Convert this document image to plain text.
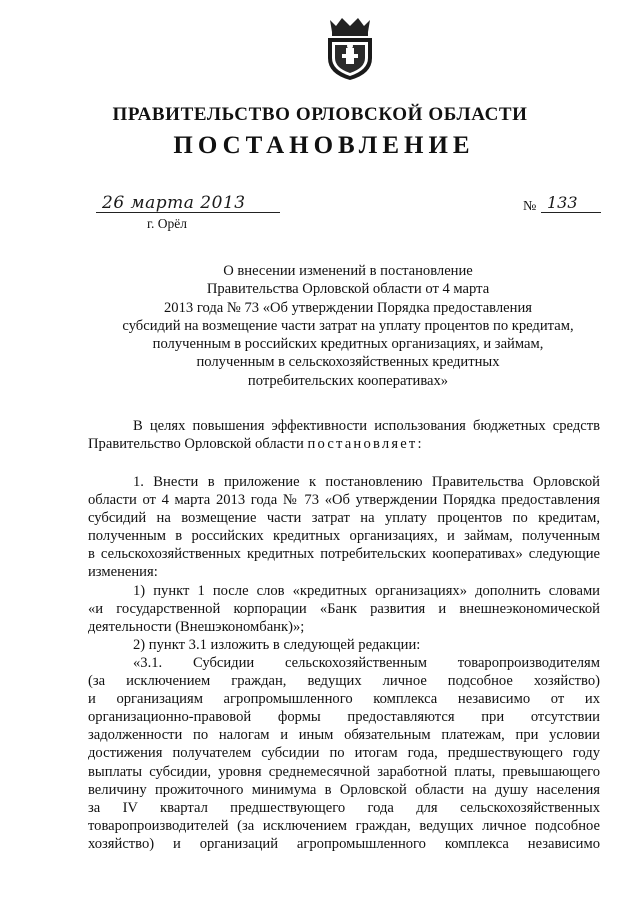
ПРАВИТЕЛЬСТВО ОРЛОВСКОЙ ОБЛАСТИ
ПОСТАНОВЛЕНИЕ
26 марта 2013
г. Орёл
№ 133
О внесении изменений в постановление
Правительства Орловской области от 4 марта
2013 года № 73 «Об утверждении Порядка предоставления
субсидий на возмещение части затрат на уплату процентов по кредитам,
полученным в российских кредитных организациях, и займам,
полученным в сельскохозяйственных кредитных
потребительских кооперативах»
В целях повышения эффективности использования бюджетных средств
Правительство Орловской области постановляет:
1. Внести в приложение к постановлению Правительства Орловской
области от 4 марта 2013 года № 73 «Об утверждении Порядка предоставления
субсидий на возмещение части затрат на уплату процентов по кредитам,
полученным в российских кредитных организациях, и займам, полученным
в сельскохозяйственных кредитных потребительских кооперативах» следующие
изменения:
1) пункт 1 после слов «кредитных организациях» дополнить словами
«и государственной корпорации «Банк развития и внешнеэкономической
деятельности (Внешэкономбанк)»;
2) пункт 3.1 изложить в следующей редакции:
«3.1. Субсидии сельскохозяйственным товаропроизводителям
(за исключением граждан, ведущих личное подсобное хозяйство)
и организациям агропромышленного комплекса независимо от их
организационно-правовой формы предоставляются при отсутствии
задолженности по налогам и иным обязательным платежам, при условии
достижения получателем субсидии по итогам года, предшествующего году
выплаты субсидии, уровня среднемесячной заработной платы, превышающего
величину прожиточного минимума в Орловской области на душу населения
за IV квартал предшествующего года для сельскохозяйственных
товаропроизводителей (за исключением граждан, ведущих личное подсобное
хозяйство) и организаций агропромышленного комплекса независимо
